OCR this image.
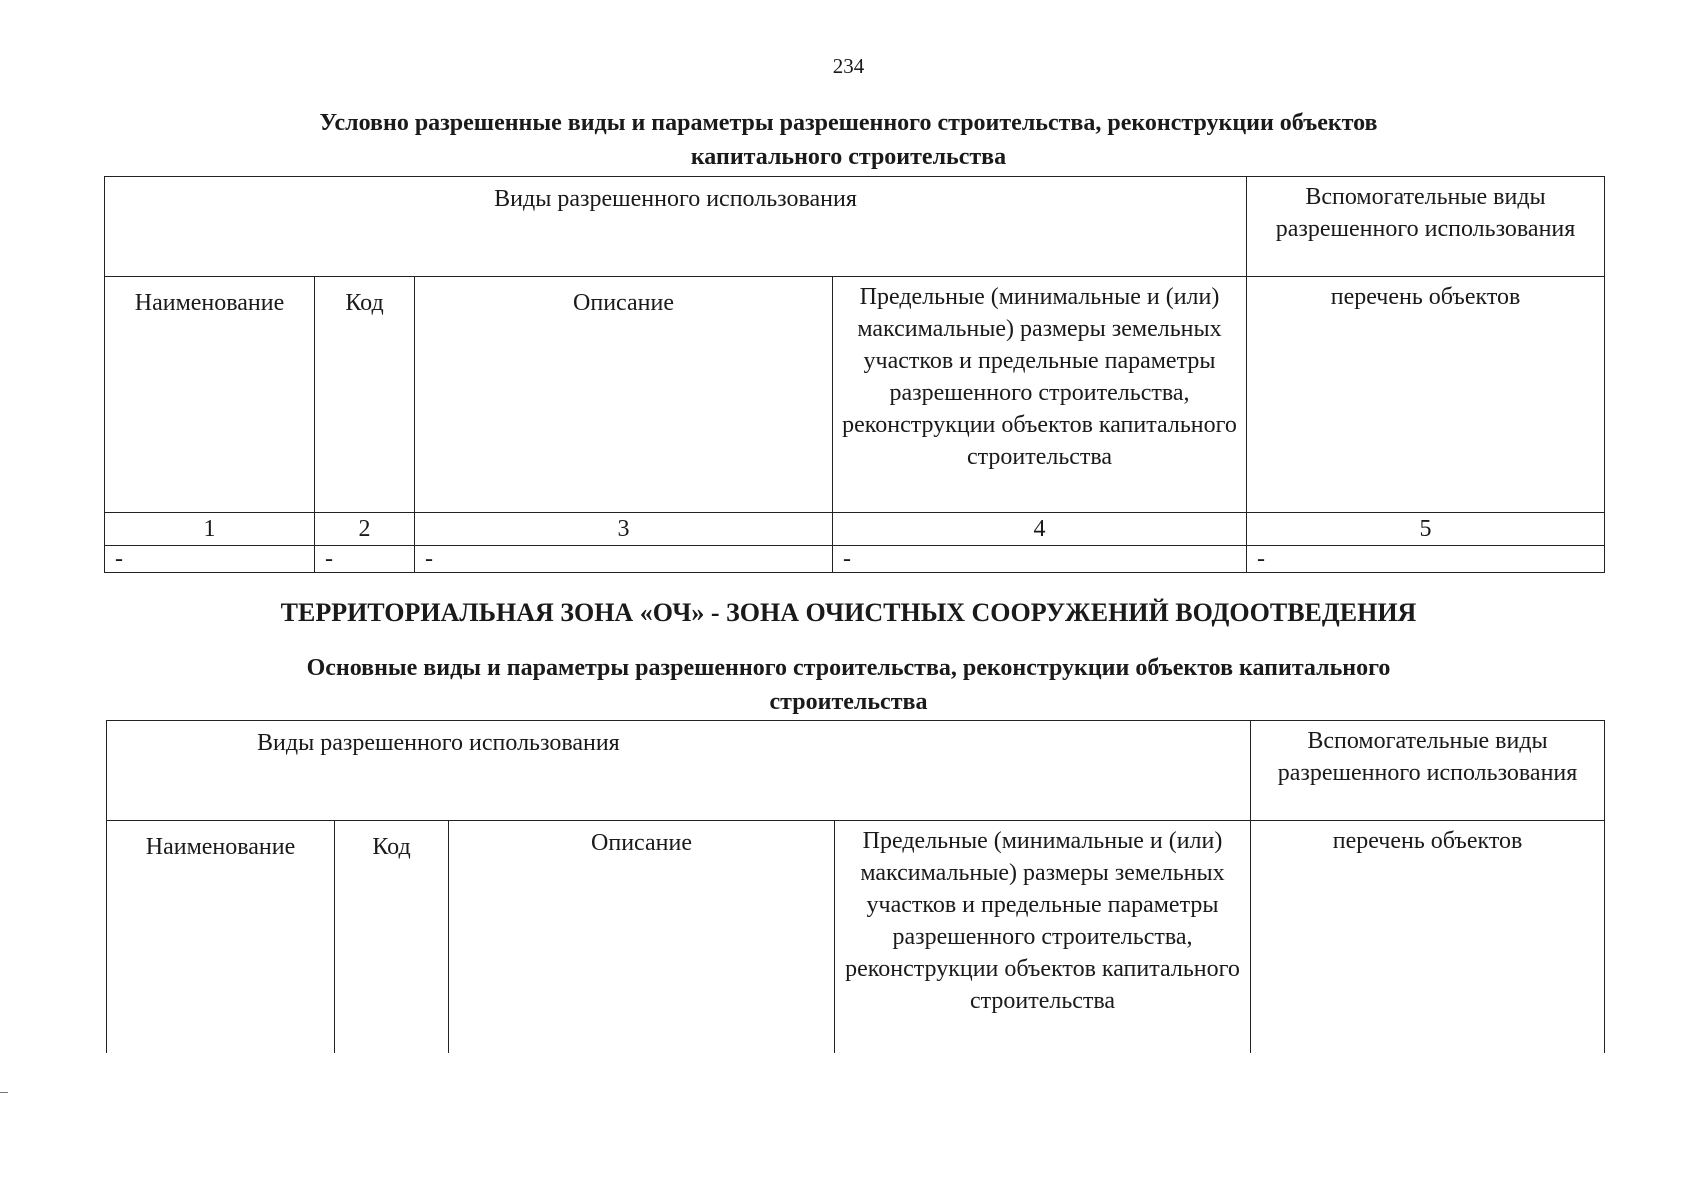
234
Условно разрешенные виды и параметры разрешенного строительства, реконструкции объектов
капитального строительства
Виды разрешенного использования				Вспомогательные виды разрешенного использования
Наименование	Код	Описание	Предельные (минимальные и (или) максимальные) размеры земельных участков и предельные параметры разрешенного строительства, реконструкции объектов капитального строительства	перечень объектов
1	2	3	4	5
-	-	-	-	-
ТЕРРИТОРИАЛЬНАЯ ЗОНА «ОЧ» - ЗОНА ОЧИСТНЫХ СООРУЖЕНИЙ ВОДООТВЕДЕНИЯ
Основные виды и параметры разрешенного строительства, реконструкции объектов капитального
строительства
Виды разрешенного использования				Вспомогательные виды разрешенного использования
Наименование	Код	Описание	Предельные (минимальные и (или) максимальные) размеры земельных участков и предельные параметры разрешенного строительства, реконструкции объектов капитального строительства	перечень объектов
